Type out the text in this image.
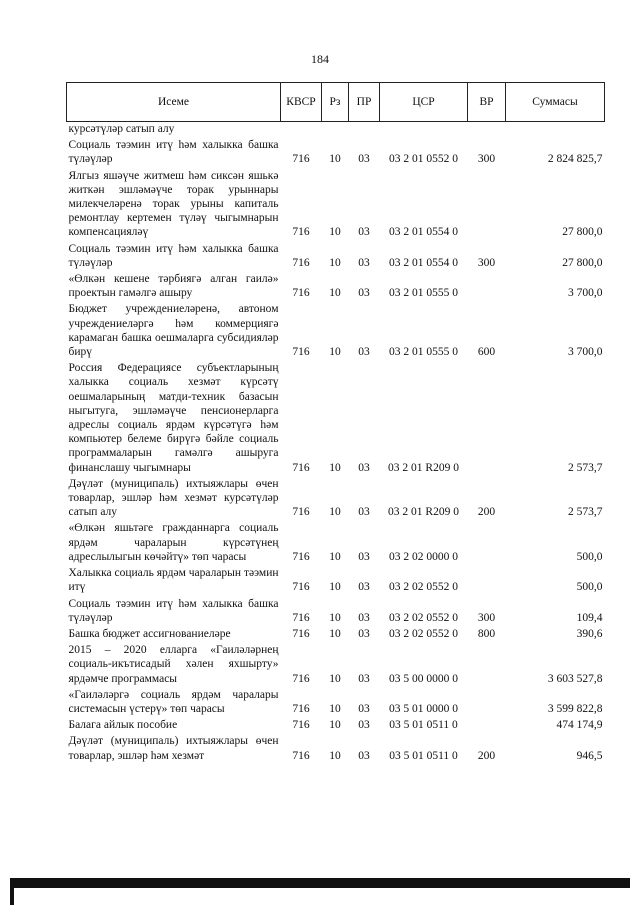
184
Исеме	КВСР	Рз	ПР	ЦСР	ВР	Суммасы
курсәтүләр сатып алу						
Социаль тәэмин итү һәм халыкка башка түләүләр	716	10	03	03 2 01 0552 0	300	2 824 825,7
Ялгыз яшәүче житмеш һәм сиксән яшькә житкән эшләмәүче торак урыннары милекчеләренә торак урыны капиталь ремонтлау кертемен түләү чыгымнарын компенсацияләү	716	10	03	03 2 01 0554 0		27 800,0
Социаль тәэмин итү һәм халыкка башка түләүләр	716	10	03	03 2 01 0554 0	300	27 800,0
«Өлкән кешене тәрбиягә алган гаилә» проектын гамәлгә ашыру	716	10	03	03 2 01 0555 0		3 700,0
Бюджет учреждениеләренә, автоном учреждениеләргә һәм коммерциягә карамаган башка оешмаларга субсидияләр бирү	716	10	03	03 2 01 0555 0	600	3 700,0
Россия Федерациясе субъектларының халыкка социаль хезмәт күрсәтү оешмаларының матди-техник базасын ныгытуга, эшләмәүче пенсионерларга адреслы социаль ярдәм күрсәтүгә һәм компьютер белеме бирүгә бәйле социаль программаларын гамәлгә ашыруга финанслашу чыгымнары	716	10	03	03 2 01 R209 0		2 573,7
Дәүләт (муниципаль) ихтыяжлары өчен товарлар, эшләр һәм хезмәт курсәтүләр сатып алу	716	10	03	03 2 01 R209 0	200	2 573,7
«Өлкән яшьтәге гражданнарга социаль ярдәм чараларын күрсәтүнең адреслылыгын көчәйтү» төп чарасы	716	10	03	03 2 02 0000 0		500,0
Халыкка социаль ярдәм чараларын тәэмин итү	716	10	03	03 2 02 0552 0		500,0
Социаль тәэмин итү һәм халыкка башка түләүләр	716	10	03	03 2 02 0552 0	300	109,4
Башка бюджет ассигнованиеләре	716	10	03	03 2 02 0552 0	800	390,6
2015 – 2020 елларга «Гаиләләрнең социаль-икътисадый хәлен яхшырту» ярдәмче программасы	716	10	03	03 5 00 0000 0		3 603 527,8
«Гаиләләргә социаль ярдәм чаралары системасын үстерү» төп чарасы	716	10	03	03 5 01 0000 0		3 599 822,8
Балага айлык пособие	716	10	03	03 5 01 0511 0		474 174,9
Дәүләт (муниципаль) ихтыяжлары өчен товарлар, эшләр һәм хезмәт	716	10	03	03 5 01 0511 0	200	946,5
